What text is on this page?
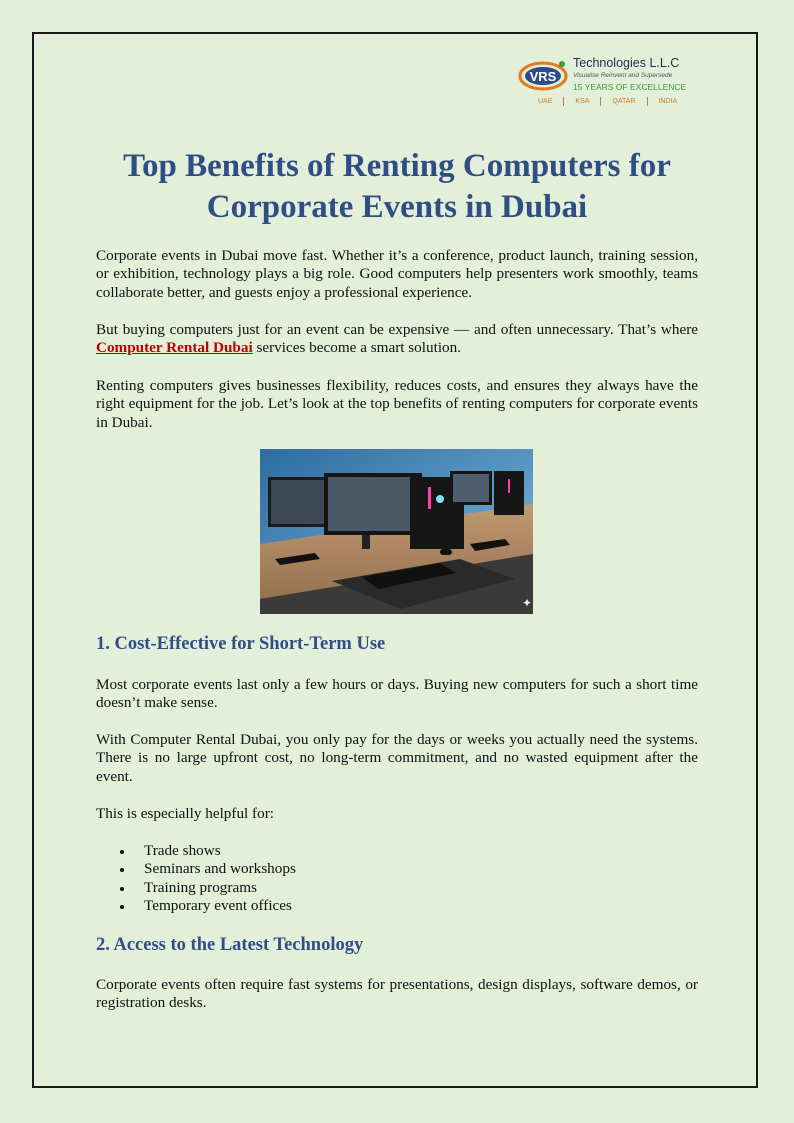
VRS
Technologies L.L.C
Visualise Reinvent and Supersede
15 YEARS OF EXCELLENCE
UAE	KSA	QATAR	INDIA
Top Benefits of Renting Computers for Corporate Events in Dubai

Corporate events in Dubai move fast. Whether it’s a conference, product launch, training session, or exhibition, technology plays a big role. Good computers help presenters work smoothly, teams collaborate better, and guests enjoy a professional experience.

But buying computers just for an event can be expensive — and often unnecessary. That’s where Computer Rental Dubai services become a smart solution.

Renting computers gives businesses flexibility, reduces costs, and ensures they always have the right equipment for the job. Let’s look at the top benefits of renting computers for corporate events in Dubai.

✦
1. Cost-Effective for Short-Term Use

Most corporate events last only a few hours or days. Buying new computers for such a short time doesn’t make sense.

With Computer Rental Dubai, you only pay for the days or weeks you actually need the systems. There is no large upfront cost, no long-term commitment, and no wasted equipment after the event.

This is especially helpful for:

Trade shows
Seminars and workshops
Training programs
Temporary event offices
2. Access to the Latest Technology

Corporate events often require fast systems for presentations, design displays, software demos, or registration desks.
